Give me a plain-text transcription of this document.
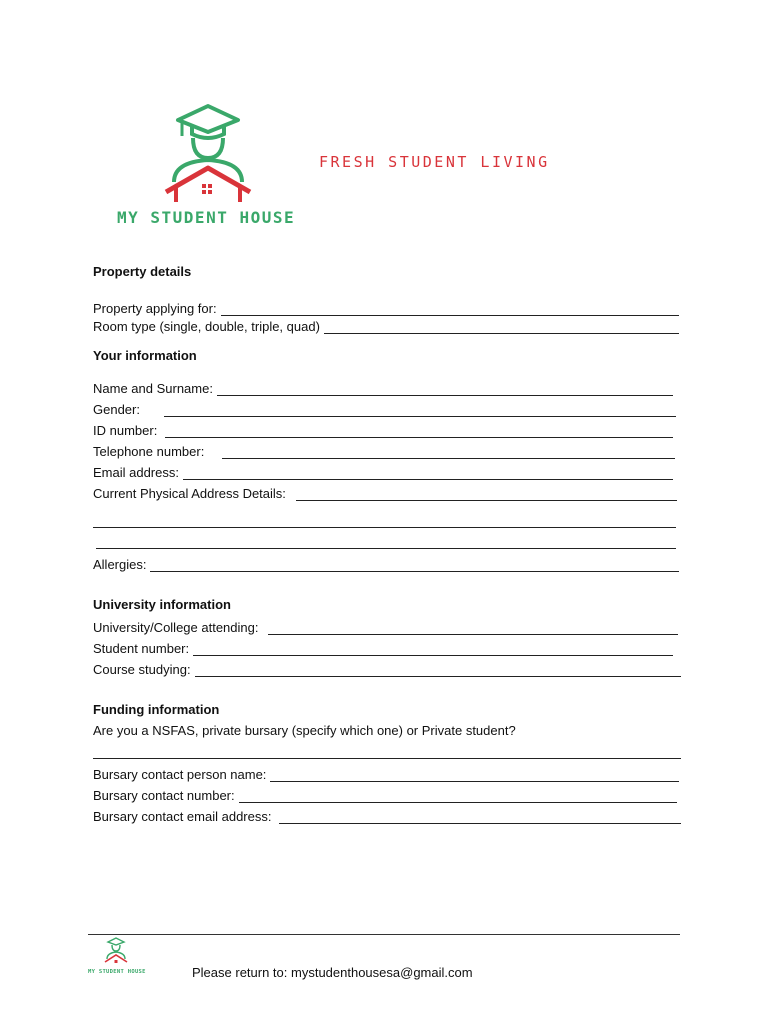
MY STUDENT HOUSE
FRESH STUDENT LIVING
Property details
Property applying for:
Room type (single, double, triple, quad)
Your information
Name and Surname:
Gender:
ID number:
Telephone number:
Email address:
Current Physical Address Details:
Allergies:
University information
University/College attending:
Student number:
Course studying:
Funding information
Are you a NSFAS, private bursary (specify which one) or Private student?
Bursary contact person name:
Bursary contact number:
Bursary contact email address:
MY STUDENT HOUSE	Please return to: mystudenthousesa@gmail.com
